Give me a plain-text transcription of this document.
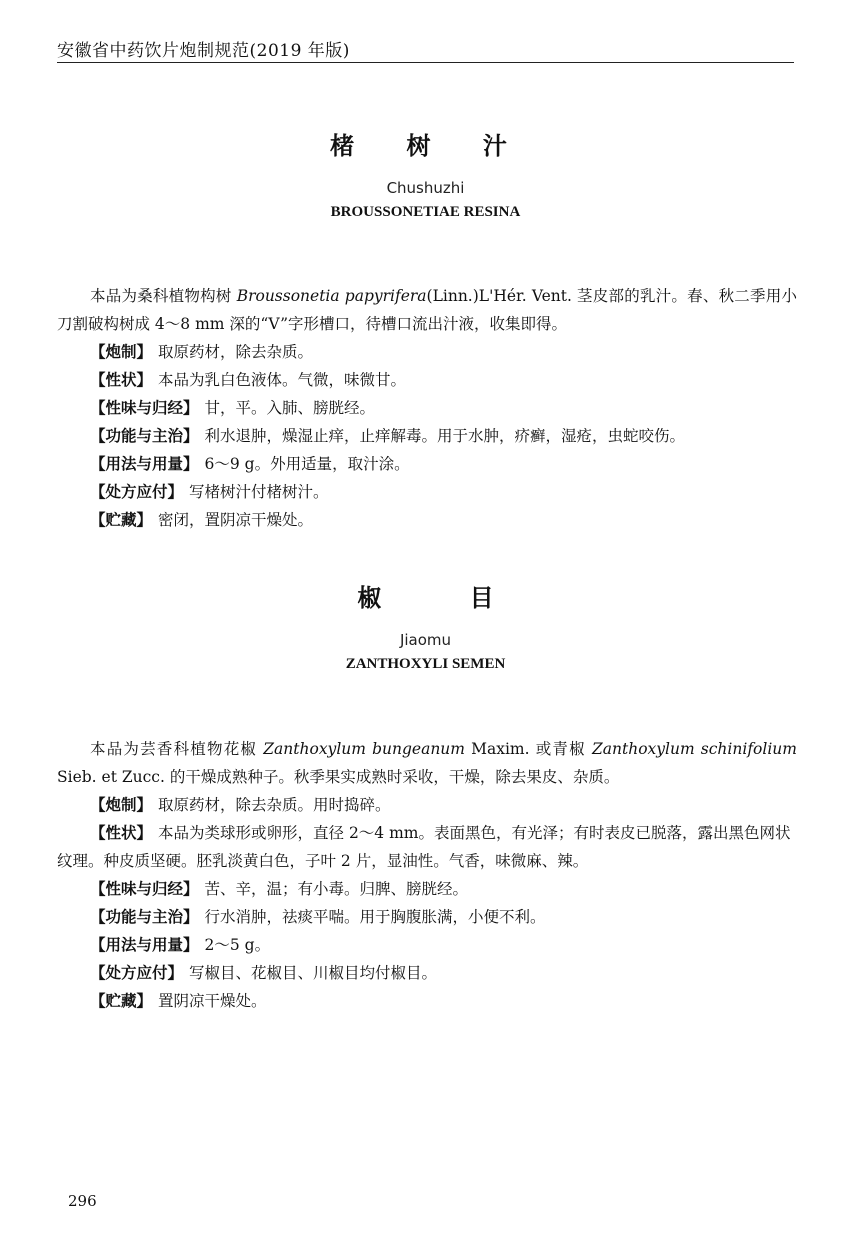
安徽省中药饮片炮制规范(2019 年版)
楮 树 汁
Chushuzhi
BROUSSONETIAE RESINA

本品为桑科植物构树 Broussonetia papyrifera(Linn.)L'Hér. Vent. 茎皮部的乳汁。春、秋二季用小刀割破构树成 4～8 mm 深的“V”字形槽口，待槽口流出汁液，收集即得。

【炮制】 取原药材，除去杂质。

【性状】 本品为乳白色液体。气微，味微甘。

【性味与归经】 甘，平。入肺、膀胱经。

【功能与主治】 利水退肿，燥湿止痒，止痒解毒。用于水肿，疥癣，湿疮，虫蛇咬伤。

【用法与用量】 6～9 g。外用适量，取汁涂。

【处方应付】 写楮树汁付楮树汁。

【贮藏】 密闭，置阴凉干燥处。

椒 目
Jiaomu
ZANTHOXYLI SEMEN

本品为芸香科植物花椒 Zanthoxylum bungeanum Maxim. 或青椒 Zanthoxylum schinifolium Sieb. et Zucc. 的干燥成熟种子。秋季果实成熟时采收，干燥，除去果皮、杂质。

【炮制】 取原药材，除去杂质。用时捣碎。

【性状】 本品为类球形或卵形，直径 2～4 mm。表面黑色，有光泽；有时表皮已脱落，露出黑色网状纹理。种皮质坚硬。胚乳淡黄白色，子叶 2 片，显油性。气香，味微麻、辣。

【性味与归经】 苦、辛，温；有小毒。归脾、膀胱经。

【功能与主治】 行水消肿，祛痰平喘。用于胸腹胀满，小便不利。

【用法与用量】 2～5 g。

【处方应付】 写椒目、花椒目、川椒目均付椒目。

【贮藏】 置阴凉干燥处。

296
